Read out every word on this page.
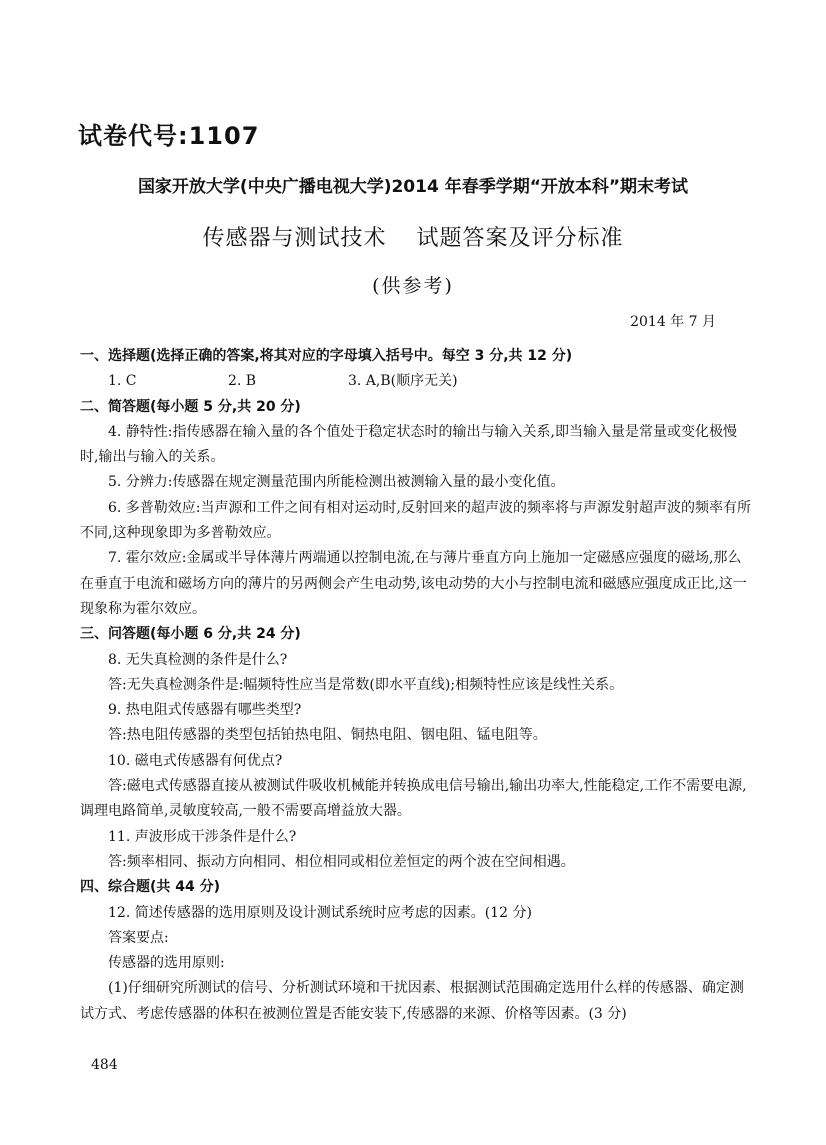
试卷代号:1107
国家开放大学(中央广播电视大学)2014 年春季学期“开放本科”期末考试
传感器与测试技术 试题答案及评分标准
(供参考)
2014 年 7 月

一、选择题(选择正确的答案,将其对应的字母填入括号中。每空 3 分,共 12 分)

1. C	2. B	3. A,B(顺序无关)

二、简答题(每小题 5 分,共 20 分)

4. 静特性:指传感器在输入量的各个值处于稳定状态时的输出与输入关系,即当输入量是常量或变化极慢时,输出与输入的关系。

5. 分辨力:传感器在规定测量范围内所能检测出被测输入量的最小变化值。

6. 多普勒效应:当声源和工件之间有相对运动时,反射回来的超声波的频率将与声源发射超声波的频率有所不同,这种现象即为多普勒效应。

7. 霍尔效应:金属或半导体薄片两端通以控制电流,在与薄片垂直方向上施加一定磁感应强度的磁场,那么在垂直于电流和磁场方向的薄片的另两侧会产生电动势,该电动势的大小与控制电流和磁感应强度成正比,这一现象称为霍尔效应。

三、问答题(每小题 6 分,共 24 分)

8. 无失真检测的条件是什么?

答:无失真检测条件是:幅频特性应当是常数(即水平直线);相频特性应该是线性关系。

9. 热电阻式传感器有哪些类型?

答:热电阻传感器的类型包括铂热电阻、铜热电阻、铟电阻、锰电阻等。

10. 磁电式传感器有何优点?

答:磁电式传感器直接从被测试件吸收机械能并转换成电信号输出,输出功率大,性能稳定,工作不需要电源,调理电路简单,灵敏度较高,一般不需要高增益放大器。

11. 声波形成干涉条件是什么?

答:频率相同、振动方向相同、相位相同或相位差恒定的两个波在空间相遇。

四、综合题(共 44 分)

12. 简述传感器的选用原则及设计测试系统时应考虑的因素。(12 分)

答案要点:

传感器的选用原则:

(1)仔细研究所测试的信号、分析测试环境和干扰因素、根据测试范围确定选用什么样的传感器、确定测试方式、考虑传感器的体积在被测位置是否能安装下,传感器的来源、价格等因素。(3 分)

484
